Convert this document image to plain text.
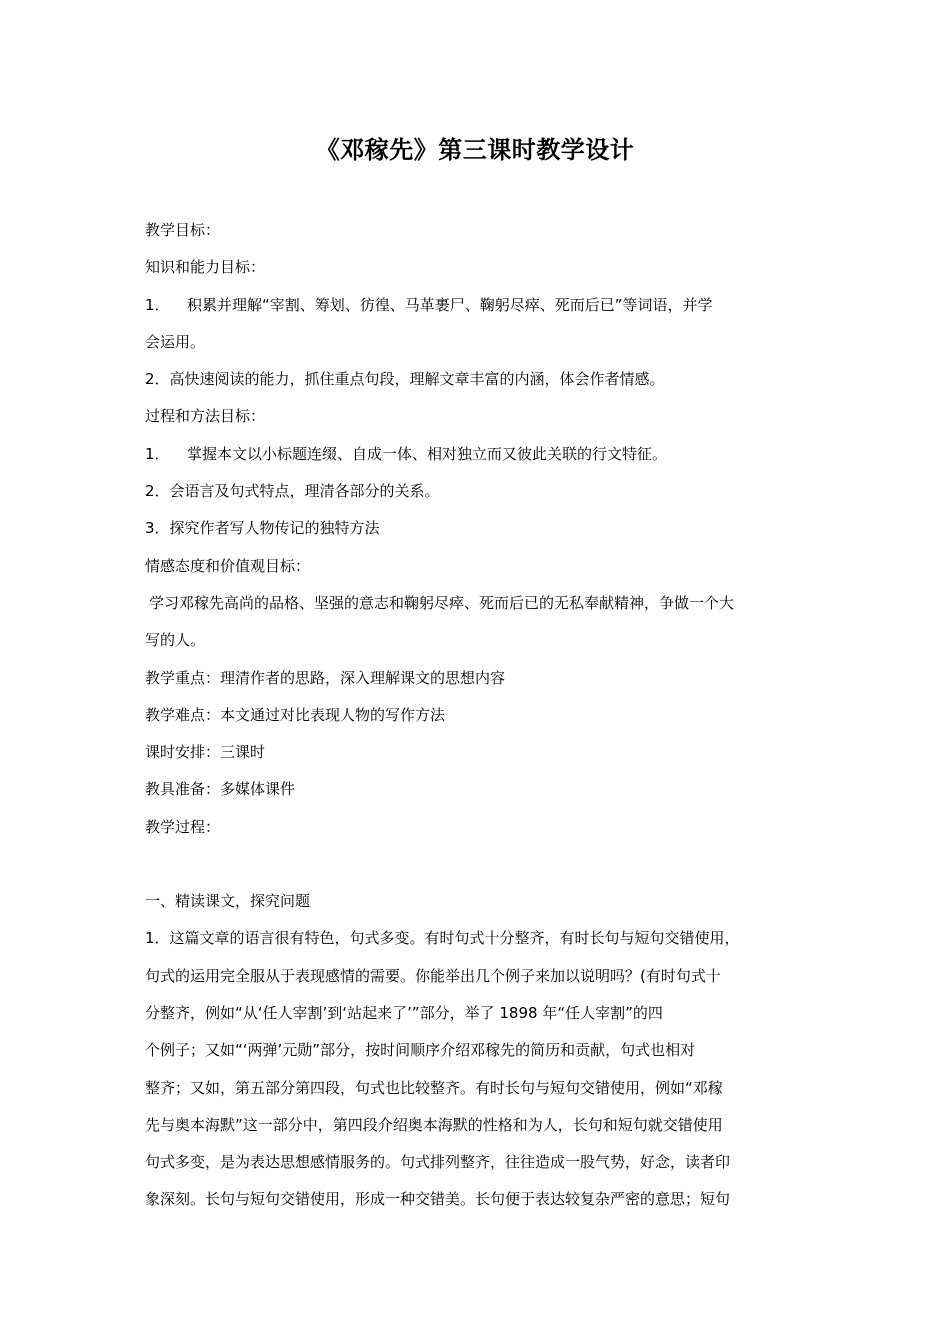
《邓稼先》第三课时教学设计

教学目标：

知识和能力目标：

1． 积累并理解“宰割、筹划、彷徨、马革裹尸、鞠躬尽瘁、死而后已”等词语，并学

会运用。

2．高快速阅读的能力，抓住重点句段，理解文章丰富的内涵，体会作者情感。

过程和方法目标：

1． 掌握本文以小标题连缀、自成一体、相对独立而又彼此关联的行文特征。

2．会语言及句式特点，理清各部分的关系。

3．探究作者写人物传记的独特方法

情感态度和价值观目标：

学习邓稼先高尚的品格、坚强的意志和鞠躬尽瘁、死而后已的无私奉献精神，争做一个大

写的人。

教学重点：理清作者的思路，深入理解课文的思想内容

教学难点：本文通过对比表现人物的写作方法

课时安排：三课时

教具准备：多媒体课件

教学过程：

一、精读课文，探究问题

1．这篇文章的语言很有特色，句式多变。有时句式十分整齐，有时长句与短句交错使用，

句式的运用完全服从于表现感情的需要。你能举出几个例子来加以说明吗？(有时句式十

分整齐，例如“从‘任人宰割’到‘站起来了’”部分，举了 1898 年“任人宰割”的四

个例子；又如“‘两弹’元勋”部分，按时间顺序介绍邓稼先的简历和贡献，句式也相对

整齐；又如，第五部分第四段，句式也比较整齐。有时长句与短句交错使用，例如“邓稼

先与奥本海默”这一部分中，第四段介绍奥本海默的性格和为人，长句和短句就交错使用

句式多变，是为表达思想感情服务的。句式排列整齐，往往造成一股气势，好念，读者印

象深刻。长句与短句交错使用，形成一种交错美。长句便于表达较复杂严密的意思；短句
